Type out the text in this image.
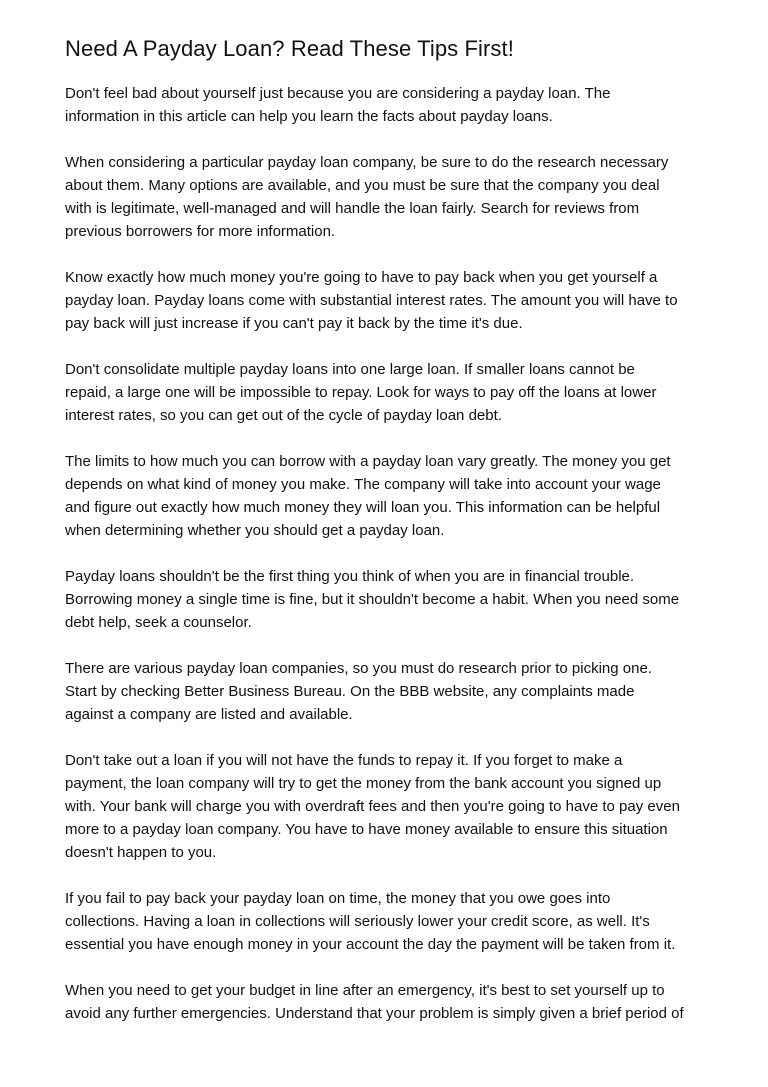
Need A Payday Loan? Read These Tips First!
Don't feel bad about yourself just because you are considering a payday loan. The
information in this article can help you learn the facts about payday loans.
When considering a particular payday loan company, be sure to do the research necessary
about them. Many options are available, and you must be sure that the company you deal
with is legitimate, well-managed and will handle the loan fairly. Search for reviews from
previous borrowers for more information.
Know exactly how much money you're going to have to pay back when you get yourself a
payday loan. Payday loans come with substantial interest rates. The amount you will have to
pay back will just increase if you can't pay it back by the time it's due.
Don't consolidate multiple payday loans into one large loan. If smaller loans cannot be
repaid, a large one will be impossible to repay. Look for ways to pay off the loans at lower
interest rates, so you can get out of the cycle of payday loan debt.
The limits to how much you can borrow with a payday loan vary greatly. The money you get
depends on what kind of money you make. The company will take into account your wage
and figure out exactly how much money they will loan you. This information can be helpful
when determining whether you should get a payday loan.
Payday loans shouldn't be the first thing you think of when you are in financial trouble.
Borrowing money a single time is fine, but it shouldn't become a habit. When you need some
debt help, seek a counselor.
There are various payday loan companies, so you must do research prior to picking one.
Start by checking Better Business Bureau. On the BBB website, any complaints made
against a company are listed and available.
Don't take out a loan if you will not have the funds to repay it. If you forget to make a
payment, the loan company will try to get the money from the bank account you signed up
with. Your bank will charge you with overdraft fees and then you're going to have to pay even
more to a payday loan company. You have to have money available to ensure this situation
doesn't happen to you.
If you fail to pay back your payday loan on time, the money that you owe goes into
collections. Having a loan in collections will seriously lower your credit score, as well. It's
essential you have enough money in your account the day the payment will be taken from it.
When you need to get your budget in line after an emergency, it's best to set yourself up to
avoid any further emergencies. Understand that your problem is simply given a brief period of
